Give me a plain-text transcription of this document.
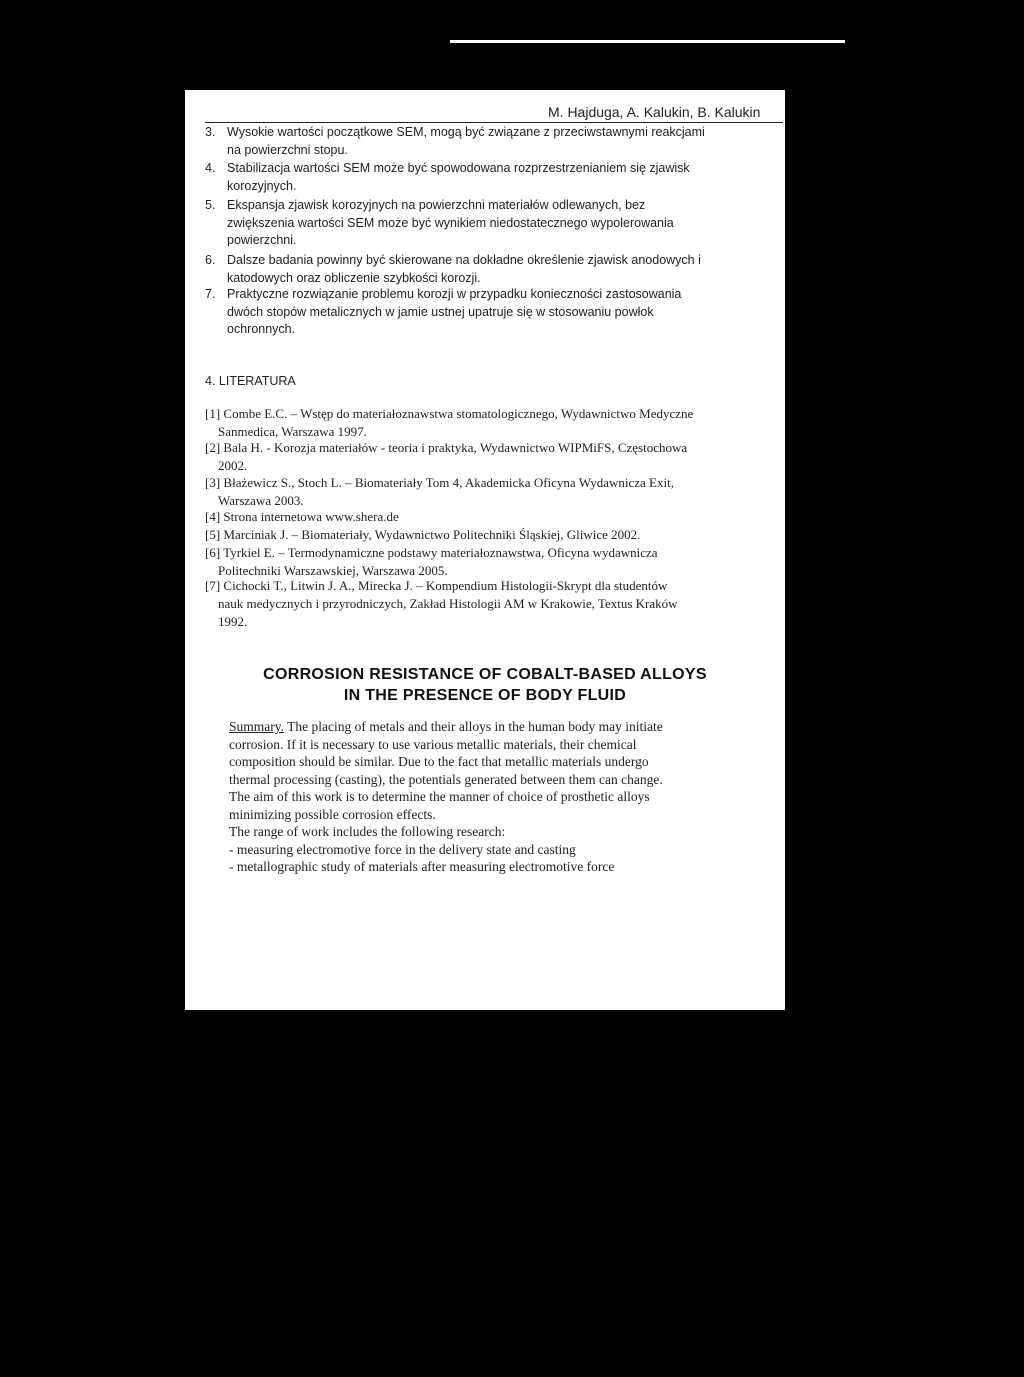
M. Hajduga, A. Kalukin, B. Kalukin
3. Wysokie wartości początkowe SEM, mogą być związane z przeciwstawnymi reakcjami
na powierzchni stopu.
4. Stabilizacja wartości SEM może być spowodowana rozprzestrzenianiem się zjawisk
korozyjnych.
5. Ekspansja zjawisk korozyjnych na powierzchni materiałów odlewanych, bez
zwiększenia wartości SEM może być wynikiem niedostatecznego wypolerowania
powierzchni.
6. Dalsze badania powinny być skierowane na dokładne określenie zjawisk anodowych i
katodowych oraz obliczenie szybkości korozji.
7. Praktyczne rozwiązanie problemu korozji w przypadku konieczności zastosowania
dwóch stopów metalicznych w jamie ustnej upatruje się w stosowaniu powłok
ochronnych.
4. LITERATURA
[1] Combe E.C. – Wstęp do materiałoznawstwa stomatologicznego, Wydawnictwo Medyczne
Sanmedica, Warszawa 1997.
[2] Bala H. - Korozja materiałów - teoria i praktyka, Wydawnictwo WIPMiFS, Częstochowa
2002.
[3] Błażewicz S., Stoch L. – Biomateriały Tom 4, Akademicka Oficyna Wydawnicza Exit,
Warszawa 2003.
[4] Strona internetowa www.shera.de
[5] Marciniak J. – Biomateriały, Wydawnictwo Politechniki Śląskiej, Gliwice 2002.
[6] Tyrkiel E. – Termodynamiczne podstawy materiałoznawstwa, Oficyna wydawnicza
Politechniki Warszawskiej, Warszawa 2005.
[7] Cichocki T., Litwin J. A., Mirecka J. – Kompendium Histologii-Skrypt dla studentów
nauk medycznych i przyrodniczych, Zakład Histologii AM w Krakowie, Textus Kraków
1992.
CORROSION RESISTANCE OF COBALT-BASED ALLOYS
IN THE PRESENCE OF BODY FLUID
Summary. The placing of metals and their alloys in the human body may initiate
corrosion. If it is necessary to use various metallic materials, their chemical
composition should be similar. Due to the fact that metallic materials undergo
thermal processing (casting), the potentials generated between them can change.
The aim of this work is to determine the manner of choice of prosthetic alloys
minimizing possible corrosion effects.
The range of work includes the following research:
- measuring electromotive force in the delivery state and casting
- metallographic study of materials after measuring electromotive force
